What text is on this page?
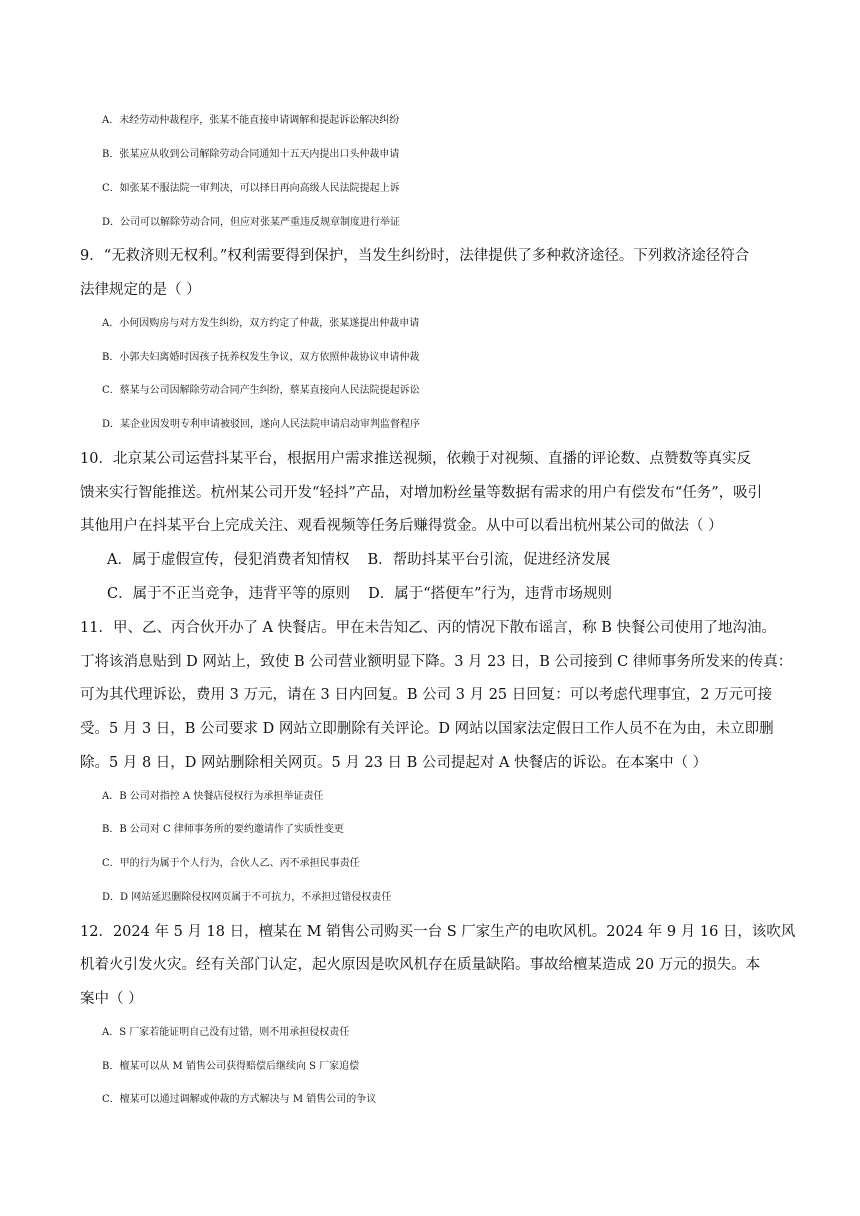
A．未经劳动仲裁程序，张某不能直接申请调解和提起诉讼解决纠纷
B．张某应从收到公司解除劳动合同通知十五天内提出口头仲裁申请
C．如张某不服法院一审判决，可以择日再向高级人民法院提起上诉
D．公司可以解除劳动合同，但应对张某严重违反规章制度进行举证
9．“无救济则无权利。”权利需要得到保护，当发生纠纷时，法律提供了多种救济途径。下列救济途径符合
法律规定的是（ ）
A．小何因购房与对方发生纠纷，双方约定了仲裁，张某遂提出仲裁申请
B．小郭夫妇离婚时因孩子抚养权发生争议，双方依照仲裁协议申请仲裁
C．蔡某与公司因解除劳动合同产生纠纷，蔡某直接向人民法院提起诉讼
D．某企业因发明专利申请被驳回，遂向人民法院申请启动审判监督程序
10．北京某公司运营抖某平台，根据用户需求推送视频，依赖于对视频、直播的评论数、点赞数等真实反
馈来实行智能推送。杭州某公司开发“轻抖”产品，对增加粉丝量等数据有需求的用户有偿发布“任务”，吸引
其他用户在抖某平台上完成关注、观看视频等任务后赚得赏金。从中可以看出杭州某公司的做法（ ）
A．属于虚假宣传，侵犯消费者知情权 B．帮助抖某平台引流，促进经济发展
C．属于不正当竞争，违背平等的原则 D．属于“搭便车”行为，违背市场规则
11．甲、乙、丙合伙开办了 A 快餐店。甲在未告知乙、丙的情况下散布谣言，称 B 快餐公司使用了地沟油。
丁将该消息贴到 D 网站上，致使 B 公司营业额明显下降。3 月 23 日，B 公司接到 C 律师事务所发来的传真：
可为其代理诉讼，费用 3 万元，请在 3 日内回复。B 公司 3 月 25 日回复：可以考虑代理事宜，2 万元可接
受。5 月 3 日，B 公司要求 D 网站立即删除有关评论。D 网站以国家法定假日工作人员不在为由，未立即删
除。5 月 8 日，D 网站删除相关网页。5 月 23 日 B 公司提起对 A 快餐店的诉讼。在本案中（ ）
A．B 公司对指控 A 快餐店侵权行为承担举证责任
B．B 公司对 C 律师事务所的要约邀请作了实质性变更
C．甲的行为属于个人行为，合伙人乙、丙不承担民事责任
D．D 网站延迟删除侵权网页属于不可抗力，不承担过错侵权责任
12．2024 年 5 月 18 日，檀某在 M 销售公司购买一台 S 厂家生产的电吹风机。2024 年 9 月 16 日，该吹风
机着火引发火灾。经有关部门认定，起火原因是吹风机存在质量缺陷。事故给檀某造成 20 万元的损失。本
案中（ ）
A．S 厂家若能证明自己没有过错，则不用承担侵权责任
B．檀某可以从 M 销售公司获得赔偿后继续向 S 厂家追偿
C．檀某可以通过调解或仲裁的方式解决与 M 销售公司的争议
